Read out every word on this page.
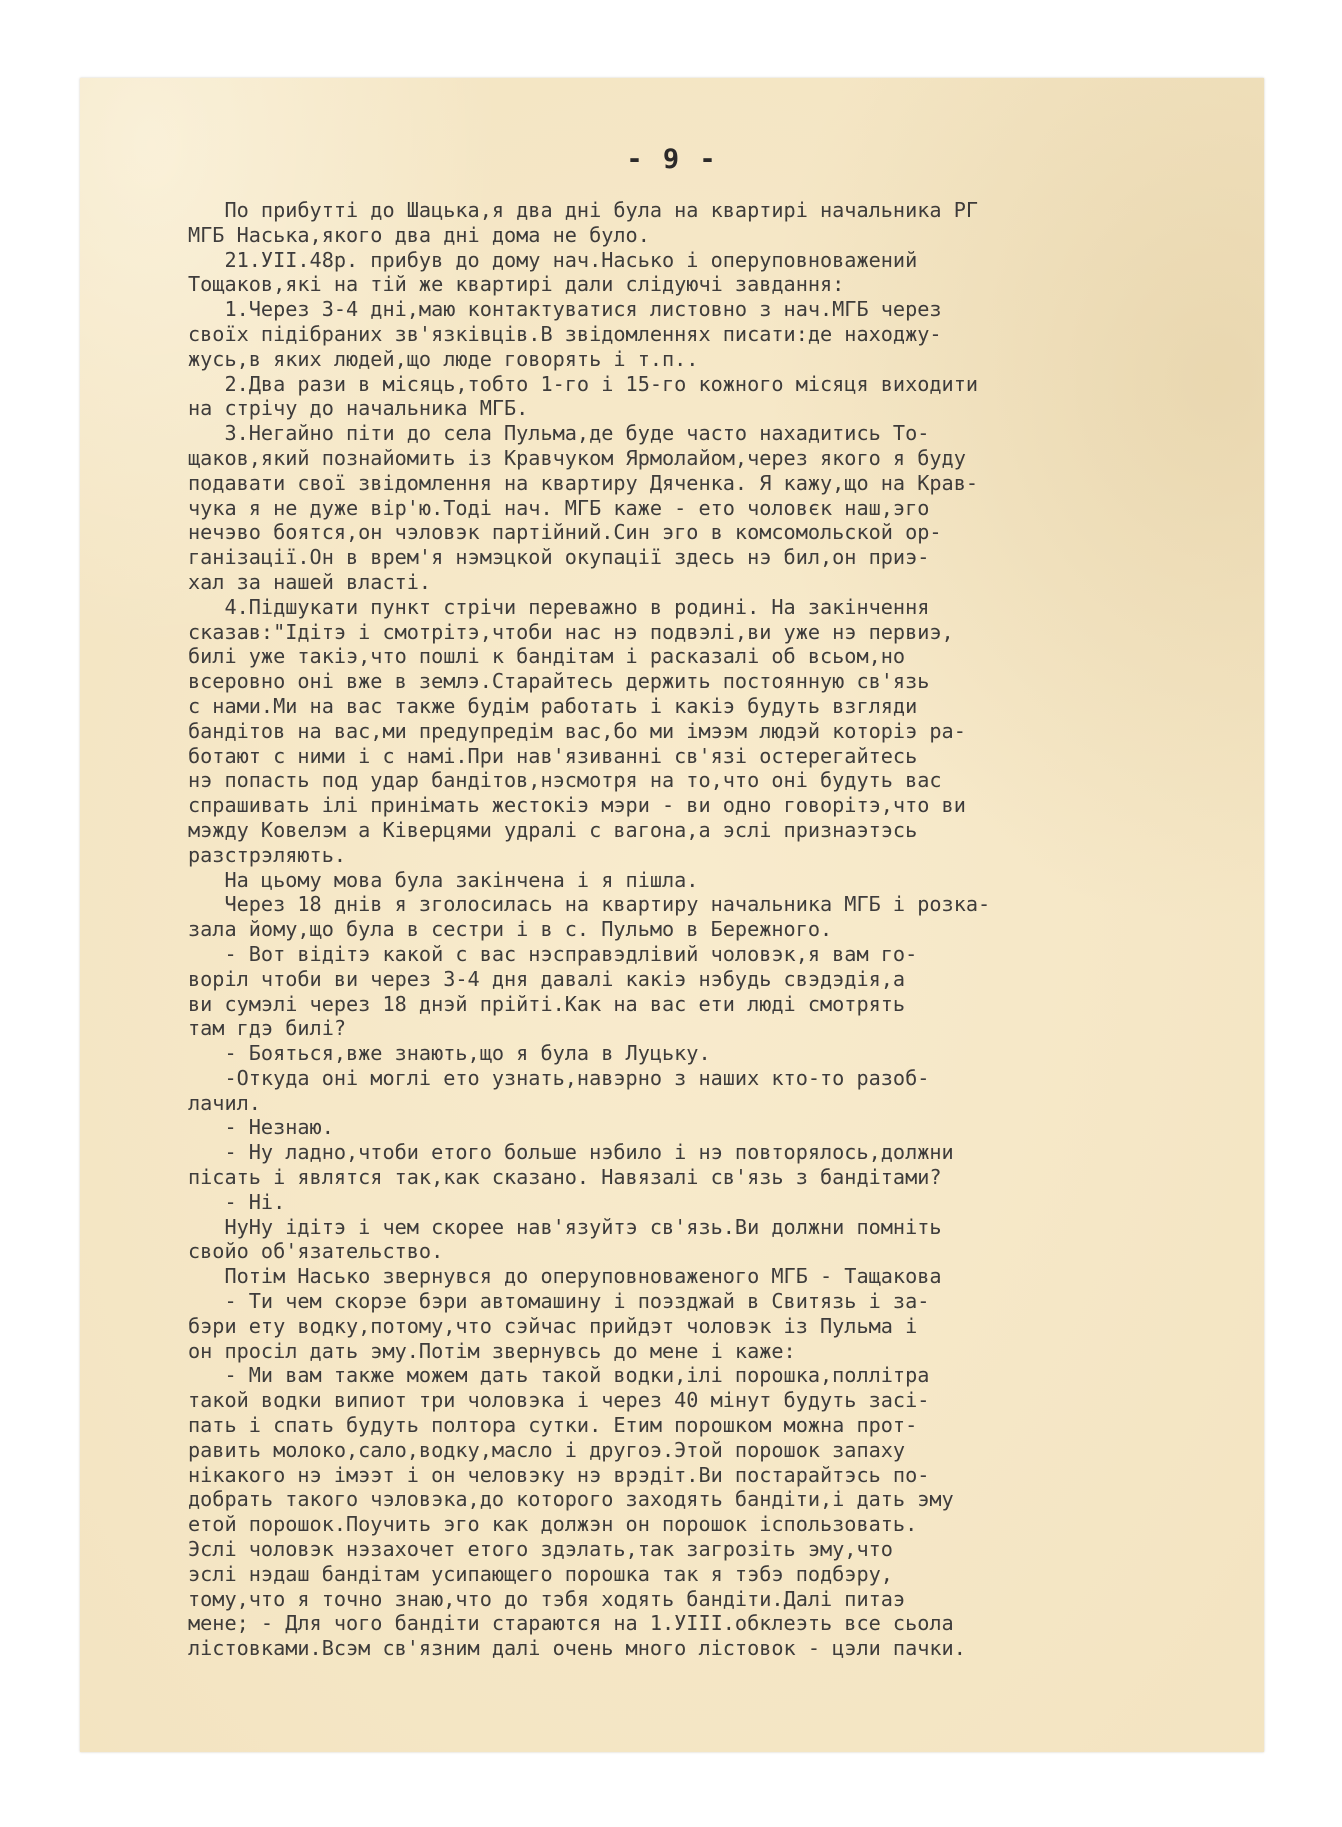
- 9 -
По прибутті до Шацька,я два дні була на квартирі начальника РГ
МГБ Наська,якого два дні дома не було.
21.УІІ.48р. прибув до дому нач.Насько і оперуповноважений
Тощаков,які на тій же квартирі дали слідуючі завдання:
1.Через 3-4 дні,маю контактуватися листовно з нач.МГБ через
своїх підібраних зв'язківців.В звідомленнях писати:де находжу-
жусь,в яких людей,що люде говорять і т.п..
2.Два рази в місяць,тобто 1-го і 15-го кожного місяця виходити
на стрічу до начальника МГБ.
3.Негайно піти до села Пульма,де буде часто нахадитись То-
щаков,який познайомить із Кравчуком Ярмолайом,через якого я буду
подавати свої звідомлення на квартиру Дяченка. Я кажу,що на Крав-
чука я не дуже вір'ю.Тоді нач. МГБ каже - ето чоловєк наш,эго
нечэво боятся,он чэловэк партійний.Син эго в комсомольской ор-
ганізації.Он в врем'я нэмэцкой окупації здесь нэ бил,он приэ-
хал за нашей власті.
4.Підшукати пункт стрічи переважно в родині. На закінчення
сказав:"Ідітэ і смотрітэ,чтоби нас нэ подвэлі,ви уже нэ первиэ,
билі уже такіэ,что пошлі к бандітам і расказалі об всьом,но
всеровно оні вже в землэ.Старайтесь держить постоянную св'язь
с нами.Ми на вас также будім работать і какіэ будуть взгляди
бандітов на вас,ми предупредім вас,бо ми імээм людэй которіэ ра-
ботают с ними і с намі.При нав'язиванні св'язі остерегайтесь
нэ попасть под удар бандітов,нэсмотря на то,что оні будуть вас
спрашивать ілі принімать жестокіэ мэри - ви одно говорітэ,что ви
мэжду Ковелэм а Ківерцями удралі с вагона,а эслі признаэтэсь
разстрэляють.
На цьому мова була закінчена і я пішла.
Через 18 днів я зголосилась на квартиру начальника МГБ і розка-
зала йому,що була в сестри і в с. Пульмо в Бережного.
- Вот відітэ какой с вас нэсправэдлівий чоловэк,я вам го-
воріл чтоби ви через 3-4 дня давалі какіэ нэбудь свэдэдія,а
ви сумэлі через 18 днэй прійті.Как на вас ети люді смотрять
там гдэ билі?
- Бояться,вже знають,що я була в Луцьку.
-Откуда оні моглі ето узнать,навэрно з наших кто-то разоб-
лачил.
- Незнаю.
- Ну ладно,чтоби етого больше нэбило і нэ повторялось,должни
пісать і являтся так,как сказано. Навязалі св'язь з бандітами?
- Ні.
НуНу ідітэ і чем скорее нав'язуйтэ св'язь.Ви должни помніть
свойо об'язательство.
Потім Насько звернувся до оперуповноваженого МГБ - Тащакова
- Ти чем скорэе бэри автомашину і поэзджай в Свитязь і за-
бэри ету водку,потому,что сэйчас прийдэт чоловэк із Пульма і
он просіл дать эму.Потім звернувсь до мене і каже:
- Ми вам также можем дать такой водки,ілі порошка,поллітра
такой водки випиот три чоловэка і через 40 мінут будуть засі-
пать і спать будуть полтора сутки. Етим порошком можна прот-
равить молоко,сало,водку,масло і другоэ.Этой порошок запаху
нікакого нэ імээт і он человэку нэ врэдіт.Ви постарайтэсь по-
добрать такого чэловэка,до которого заходять бандіти,і дать эму
етой порошок.Поучить эго как должэн он порошок іспользовать.
Эслі чоловэк нэзахочет етого здэлать,так загрозіть эму,что
эслі нэдаш бандітам усипающего порошка так я тэбэ подбэру,
тому,что я точно знаю,что до тэбя ходять бандіти.Далі питаэ
мене; - Для чого бандіти стараются на 1.УІІІ.обклеэть все сьола
лістовками.Всэм св'язним далі очень много лістовок - цэли пачки.
